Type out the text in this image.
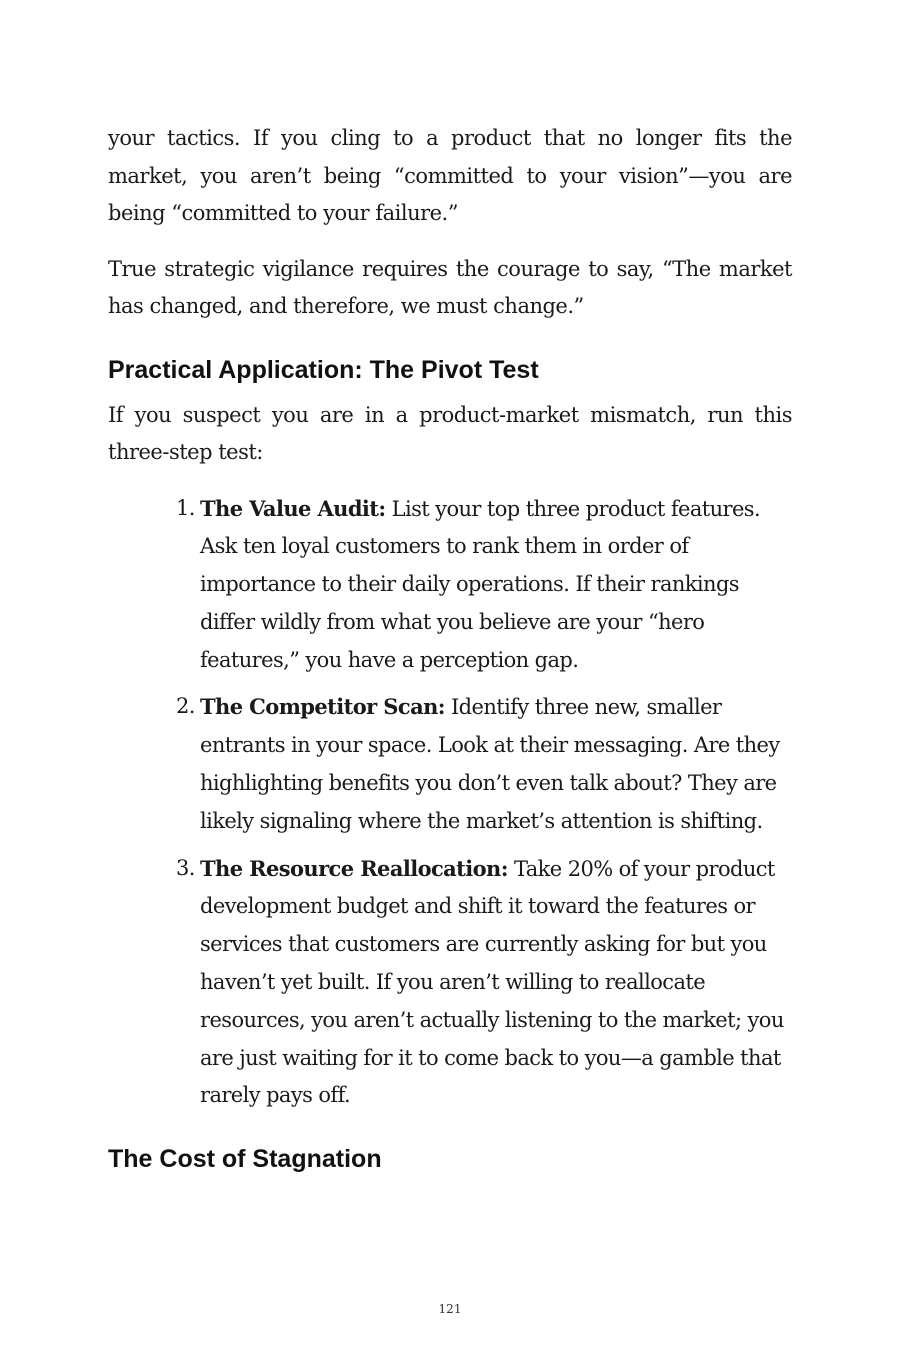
your tactics. If you cling to a product that no longer fits the market, you aren’t being “committed to your vision”—you are being “committed to your failure.”

True strategic vigilance requires the courage to say, “The market has changed, and therefore, we must change.”

Practical Application: The Pivot Test

If you suspect you are in a product-market mismatch, run this three-step test:

1. The Value Audit: List your top three product features. Ask ten loyal customers to rank them in order of importance to their daily operations. If their rankings differ wildly from what you believe are your “hero features,” you have a perception gap.
2. The Competitor Scan: Identify three new, smaller entrants in your space. Look at their messaging. Are they highlighting benefits you don’t even talk about? They are likely signaling where the market’s attention is shifting.
3. The Resource Reallocation: Take 20% of your product development budget and shift it toward the features or services that customers are currently asking for but you haven’t yet built. If you aren’t willing to reallocate resources, you aren’t actually listening to the market; you are just waiting for it to come back to you—a gamble that rarely pays off.
The Cost of Stagnation
121
